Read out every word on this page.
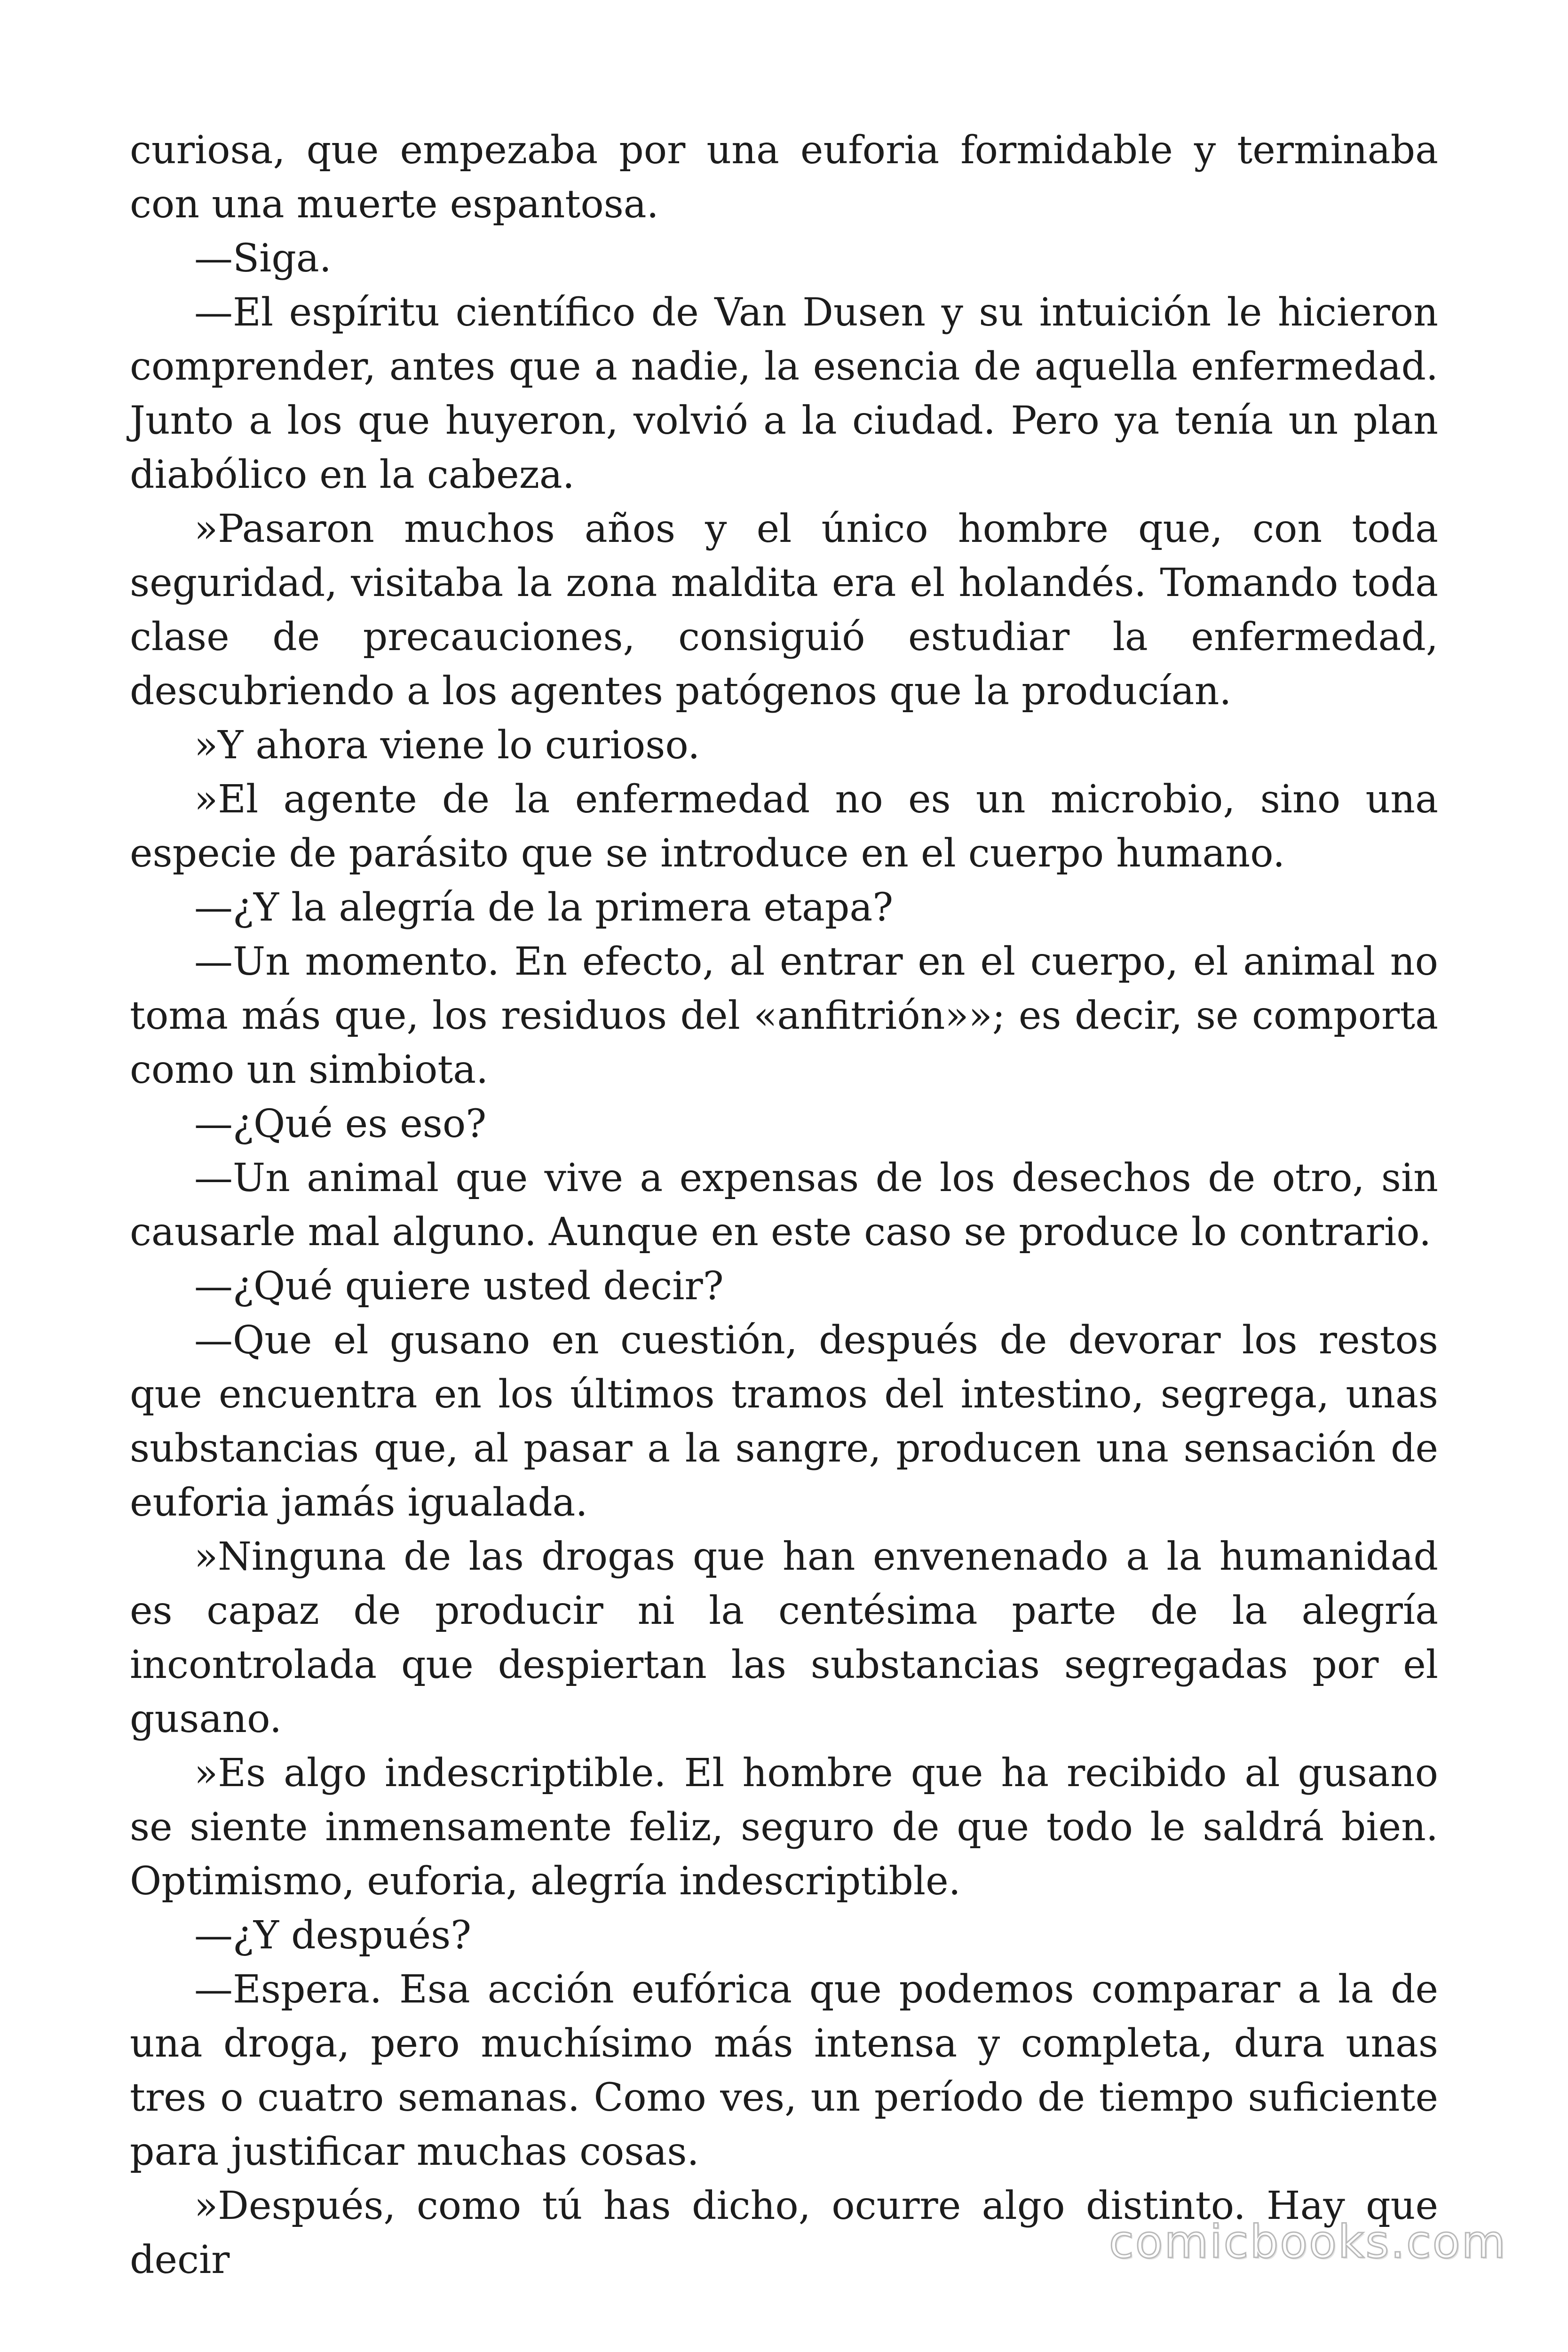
curiosa, que empezaba por una euforia formidable y terminaba con una muerte espantosa.

—Siga.

—El espíritu científico de Van Dusen y su intuición le hicieron comprender, antes que a nadie, la esencia de aquella enfermedad. Junto a los que huyeron, volvió a la ciudad. Pero ya tenía un plan diabólico en la cabeza.

»Pasaron muchos años y el único hombre que, con toda seguridad, visitaba la zona maldita era el holandés. Tomando toda clase de precauciones, consiguió estudiar la enfermedad, descubriendo a los agentes patógenos que la producían.

»Y ahora viene lo curioso.

»El agente de la enfermedad no es un microbio, sino una especie de parásito que se introduce en el cuerpo humano.

—¿Y la alegría de la primera etapa?

—Un momento. En efecto, al entrar en el cuerpo, el animal no toma más que, los residuos del «anfitrión»»; es decir, se comporta como un simbiota.

—¿Qué es eso?

—Un animal que vive a expensas de los desechos de otro, sin causarle mal alguno. Aunque en este caso se produce lo contrario.

—¿Qué quiere usted decir?

—Que el gusano en cuestión, después de devorar los restos que encuentra en los últimos tramos del intestino, segrega, unas substancias que, al pasar a la sangre, producen una sensación de euforia jamás igualada.

»Ninguna de las drogas que han envenenado a la humanidad es capaz de producir ni la centésima parte de la alegría incontrolada que despiertan las substancias segregadas por el gusano.

»Es algo indescriptible. El hombre que ha recibido al gusano se siente inmensamente feliz, seguro de que todo le saldrá bien. Optimismo, euforia, alegría indescriptible.

—¿Y después?

—Espera. Esa acción eufórica que podemos comparar a la de una droga, pero muchísimo más intensa y completa, dura unas tres o cuatro semanas. Como ves, un período de tiempo suficiente para justificar muchas cosas.

»Después, como tú has dicho, ocurre algo distinto. Hay que decir	comicbooks.com
